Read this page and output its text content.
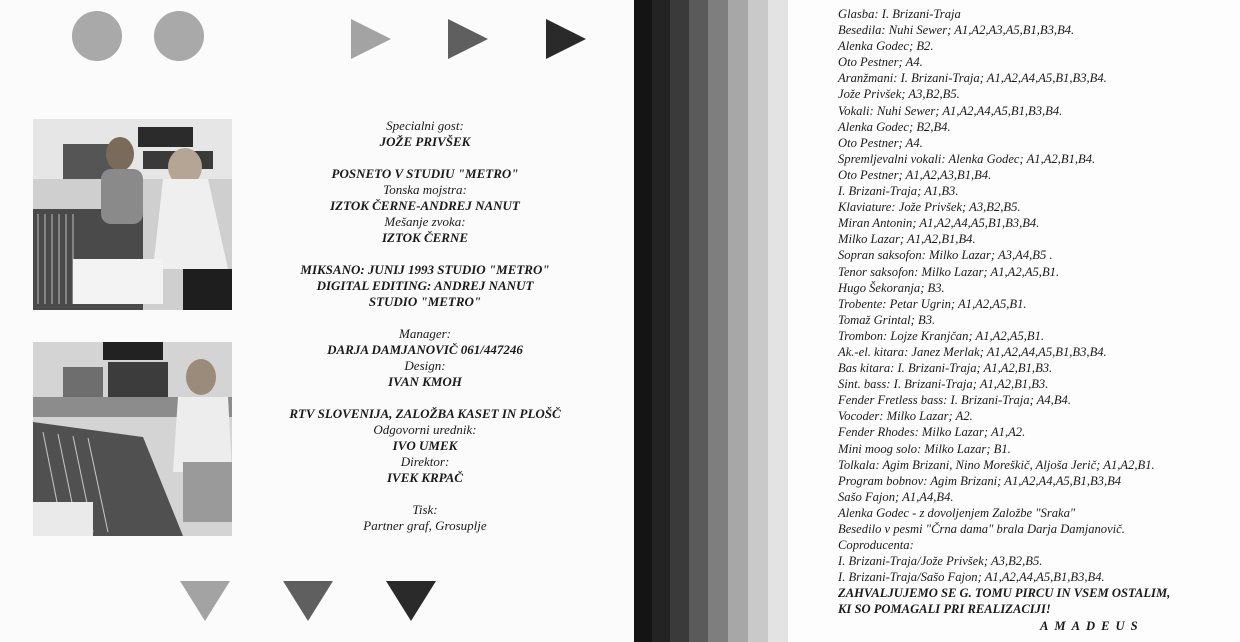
Specialni gost:
JOŽE PRIVŠEK
POSNETO V STUDIU "METRO"
Tonska mojstra:
IZTOK ČERNE-ANDREJ NANUT
Mešanje zvoka:
IZTOK ČERNE
MIKSANO: JUNIJ 1993 STUDIO "METRO"
DIGITAL EDITING: ANDREJ NANUT
STUDIO "METRO"
Manager:
DARJA DAMJANOVIČ 061/447246
Design:
IVAN KMOH
RTV SLOVENIJA, ZALOŽBA KASET IN PLOŠČ
Odgovorni urednik:
IVO UMEK
Direktor:
IVEK KRPAČ
Tisk:
Partner graf, Grosuplje
Glasba: I. Brizani-Traja
Besedila: Nuhi Sewer; A1,A2,A3,A5,B1,B3,B4.
Alenka Godec; B2.
Oto Pestner; A4.
Aranžmani: I. Brizani-Traja; A1,A2,A4,A5,B1,B3,B4.
Jože Privšek; A3,B2,B5.
Vokali: Nuhi Sewer; A1,A2,A4,A5,B1,B3,B4.
Alenka Godec; B2,B4.
Oto Pestner; A4.
Spremljevalni vokali: Alenka Godec; A1,A2,B1,B4.
Oto Pestner; A1,A2,A3,B1,B4.
I. Brizani-Traja; A1,B3.
Klaviature: Jože Privšek; A3,B2,B5.
Miran Antonin; A1,A2,A4,A5,B1,B3,B4.
Milko Lazar; A1,A2,B1,B4.
Sopran saksofon: Milko Lazar; A3,A4,B5 .
Tenor saksofon: Milko Lazar; A1,A2,A5,B1.
Hugo Šekoranja; B3.
Trobente: Petar Ugrin; A1,A2,A5,B1.
Tomaž Grintal; B3.
Trombon: Lojze Kranjčan; A1,A2,A5,B1.
Ak.-el. kitara: Janez Merlak; A1,A2,A4,A5,B1,B3,B4.
Bas kitara: I. Brizani-Traja; A1,A2,B1,B3.
Sint. bass: I. Brizani-Traja; A1,A2,B1,B3.
Fender Fretless bass: I. Brizani-Traja; A4,B4.
Vocoder: Milko Lazar; A2.
Fender Rhodes: Milko Lazar; A1,A2.
Mini moog solo: Milko Lazar; B1.
Tolkala: Agim Brizani, Nino Moreškič, Aljoša Jerič; A1,A2,B1.
Program bobnov: Agim Brizani; A1,A2,A4,A5,B1,B3,B4
Sašo Fajon; A1,A4,B4.
Alenka Godec - z dovoljenjem Založbe "Sraka"
Besedilo v pesmi "Črna dama" brala Darja Damjanovič.
Coproducenta:
I. Brizani-Traja/Jože Privšek; A3,B2,B5.
I. Brizani-Traja/Sašo Fajon; A1,A2,A4,A5,B1,B3,B4.
ZAHVALJUJEMO SE G. TOMU PIRCU IN VSEM OSTALIM,
KI SO POMAGALI PRI REALIZACIJI!
AMADEUS
